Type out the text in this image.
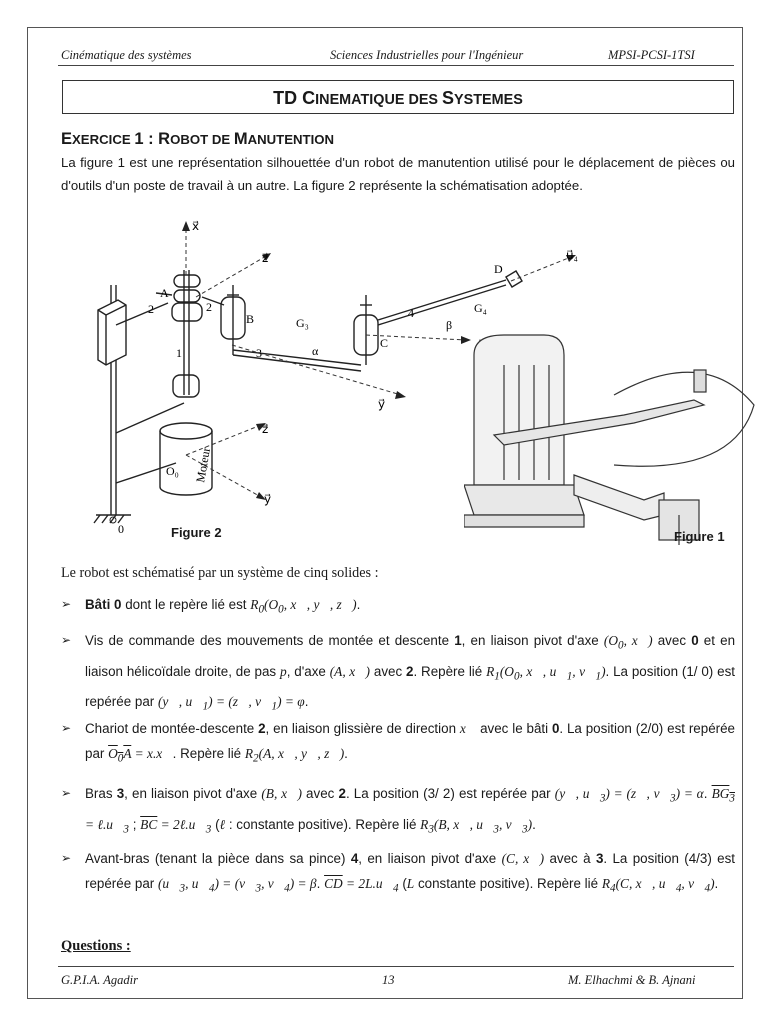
Cinématique des systèmes	Sciences Industrielles pour l'Ingénieur	MPSI-PCSI-1TSI
TD CINEMATIQUE DES SYSTEMES
EXERCICE 1 : ROBOT DE MANUTENTION
La figure 1 est une représentation silhouettée d'un robot de manutention utilisé pour le déplacement de pièces ou d'outils d'un poste de travail à un autre. La figure 2 représente la schématisation adoptée.
x⃗
z⃗
y⃗
u⃗₄
z⃗
y⃗
A
B
C
D
G₃
G₄
2	2
1	3
4
0
α
β
O₀ Moteur
Figure 2	Figure 1
Le robot est schématisé par un système de cinq solides :
➢ Bâti 0 dont le repère lié est $R_0(O_0$, x⃗, y⃗, z⃗).
➢ Vis de commande des mouvements de montée et descente 1, en liaison pivot d'axe ($O_0$, x⃗) avec 0 et en liaison hélicoïdale droite, de pas p, d'axe (A, x⃗) avec 2. Repère lié $R_1(O_0$, x⃗, $u⃗_1$, $v⃗_1$). La position (1/ 0) est repérée par (y⃗, $u⃗_1$) = (z⃗, $v⃗_1) = \varphi$.
➢ Chariot de montée-descente 2, en liaison glissière de direction x⃗ avec le bâti 0. La position (2/0) est repérée par $O_0A$ = x.x⃗. Repère lié $R_2(A$, x⃗, y⃗, z⃗).
➢ Bras 3, en liaison pivot d'axe (B, x⃗) avec 2. La position (3/ 2) est repérée par (y⃗, $u⃗_3$) = (z⃗, $v⃗_3) = \alpha$. $BG_3$ = $\ell.u⃗_3$ ; $\overline{BC}$ = $2\ell.u⃗_3$ (ℓ : constante positive). Repère lié $R_3(B$, x⃗, $u⃗_3$, $v⃗_3$).
➢ Avant-bras (tenant la pièce dans sa pince) 4, en liaison pivot d'axe (C, x⃗) avec à 3. La position (4/3) est repérée par ($u⃗_3$, $u⃗_4$) = ($v⃗_3$, $v⃗_4) = \beta$. $\overline{CD}$ = $2L.u⃗_4$ (L constante positive). Repère lié $R_4(C$, x⃗, $u⃗_4$, $v⃗_4$).
Questions :
G.P.I.A. Agadir	13	M. Elhachmi & B. Ajnani
